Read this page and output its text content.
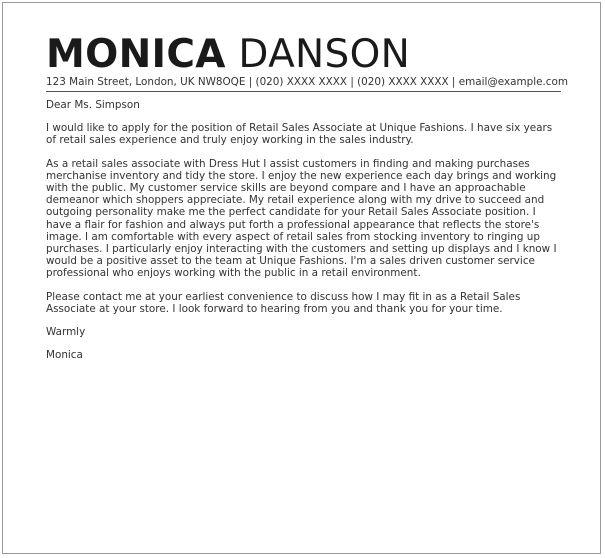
MONICA DANSON
123 Main Street, London, UK NW8OQE | (020) XXXX XXXX | (020) XXXX XXXX | email@example.com

Dear Ms. Simpson

I would like to apply for the position of Retail Sales Associate at Unique Fashions. I have six years of retail sales experience and truly enjoy working in the sales industry.

As a retail sales associate with Dress Hut I assist customers in finding and making purchases merchanise inventory and tidy the store. I enjoy the new experience each day brings and working with the public. My customer service skills are beyond compare and I have an approachable demeanor which shoppers appreciate. My retail experience along with my drive to succeed and outgoing personality make me the perfect candidate for your Retail Sales Associate position. I have a flair for fashion and always put forth a professional appearance that reflects the store's image. I am comfortable with every aspect of retail sales from stocking inventory to ringing up purchases. I particularly enjoy interacting with the customers and setting up displays and I know I would be a positive asset to the team at Unique Fashions. I'm a sales driven customer service professional who enjoys working with the public in a retail environment.

Please contact me at your earliest convenience to discuss how I may fit in as a Retail Sales Associate at your store. I look forward to hearing from you and thank you for your time.

Warmly

Monica
